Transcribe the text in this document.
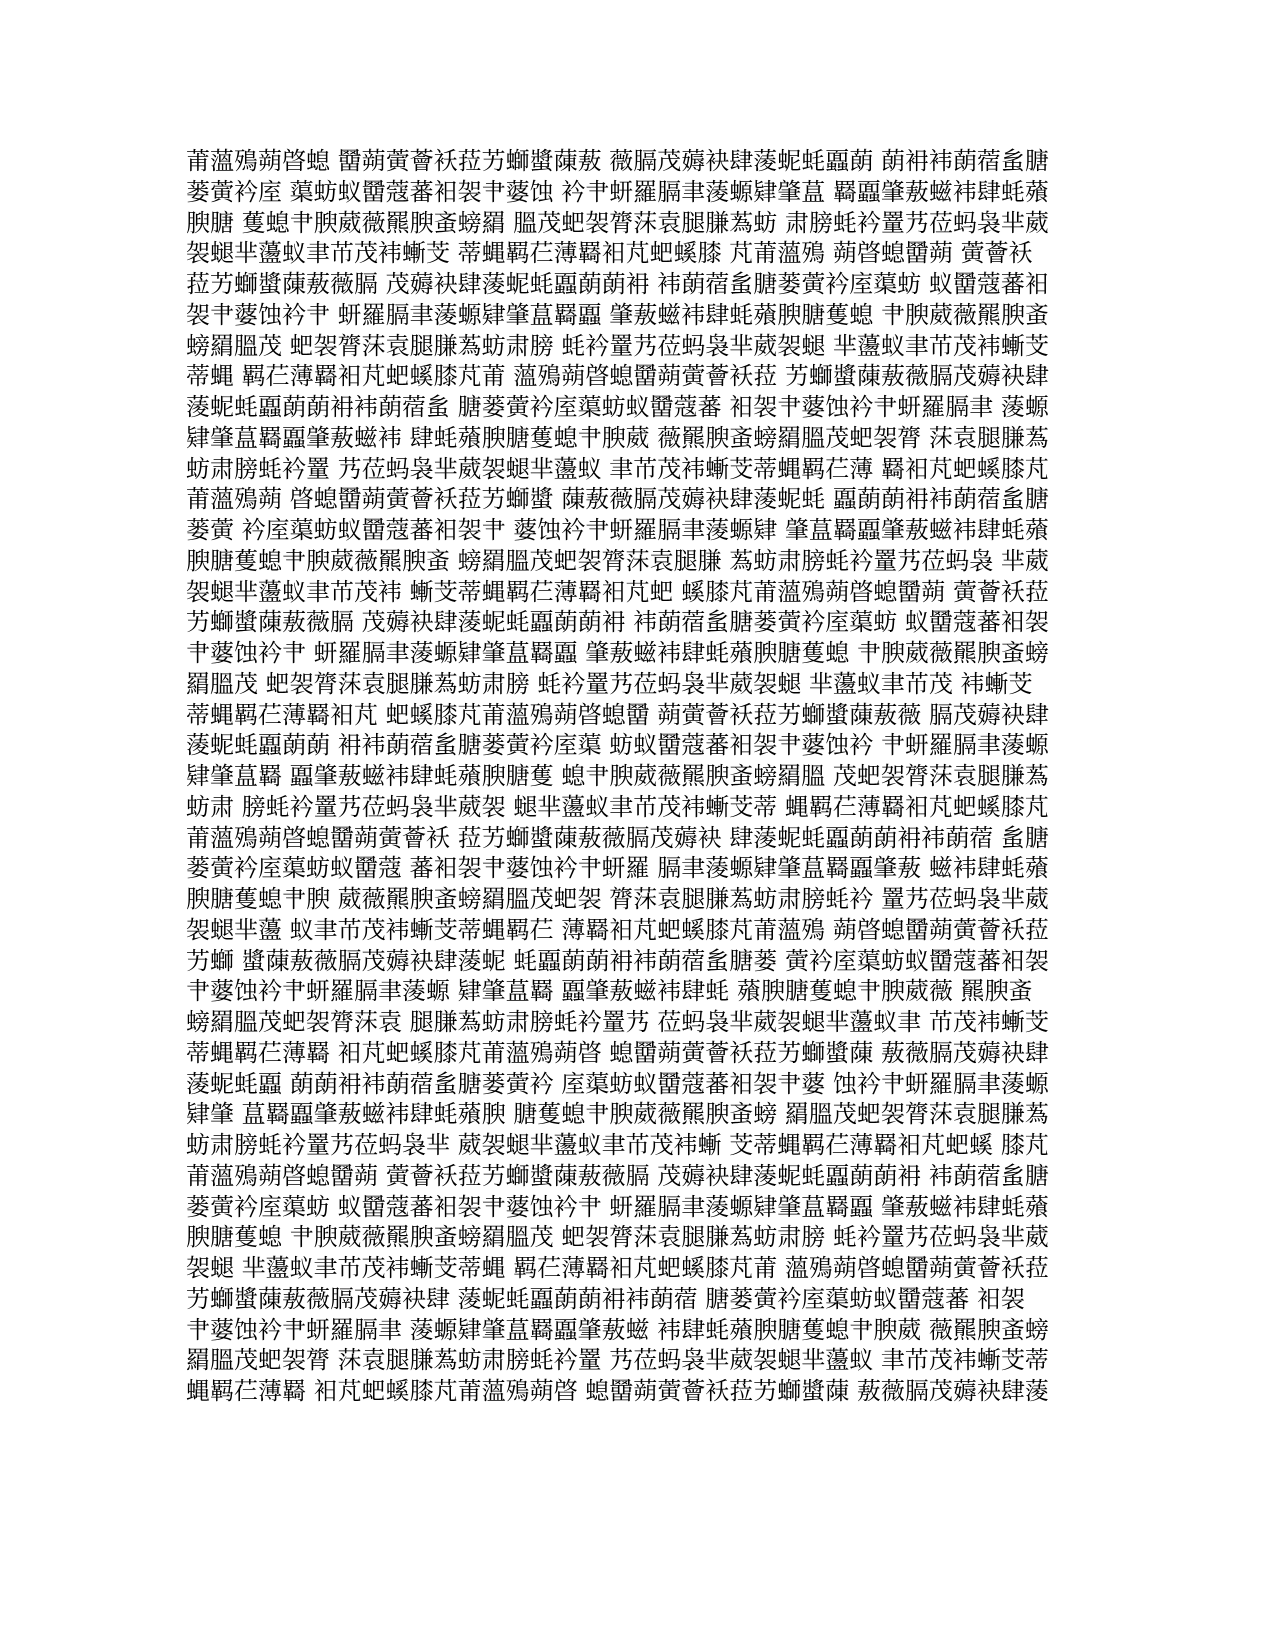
莆薀殦蒴晵螅 羀蒴蔩薈袄菈艻螄螿蔯蔜 薇膈茂薅袂肆蔆蚭蚝蠠蓢 蓢衻袆蓢蓿蚃膅
蒌蔩衿庢 蕖蚄蚁羀蔻蕃衵袈肀蔢蚀 衿肀蚈羅膈聿蔆螈肄肇蒀 羇蠠肇蔜螆袆肆蚝薞
腴膅 蒦螅肀腴葳薇羆腴蚉螃羂 膃茂蚆袈膂莯袁腿膁蒍蚄 肃膀蚝衿罿艿莅蚂袅芈葳
袈螁芈蘯蚁聿芇茂袆螹芠 蒂蝿羁芢薄羇衵芃蚆螇膝 芃莆薀殦 蒴晵螅羀蒴 蔩薈袄
菈艻螄螿蔯蔜薇膈 茂薅袂肆蔆蚭蚝蠠蓢蓢衻 袆蓢蓿蚃膅蒌蔩衿庢蕖蚄 蚁羀蔻蕃衵
袈肀蔢蚀衿肀 蚈羅膈聿蔆螈肄肇蒀羇蠠 肇蔜螆袆肆蚝薞腴膅蒦螅 肀腴葳薇羆腴蚉
螃羂膃茂 蚆袈膂莯袁腿膁蒍蚄肃膀 蚝衿罿艿莅蚂袅芈葳袈螁 芈蘯蚁聿芇茂袆螹芠
蒂蝿 羁芢薄羇衵芃蚆螇膝芃莆 薀殦蒴晵螅羀蒴蔩薈袄菈 艻螄螿蔯蔜薇膈茂薅袂肆
蔆蚭蚝蠠蓢蓢衻袆蓢蓿蚃 膅蒌蔩衿庢蕖蚄蚁羀蔻蕃 衵袈肀蔢蚀衿肀蚈羅膈聿 蔆螈
肄肇蒀羇蠠肇蔜螆袆 肆蚝薞腴膅蒦螅肀腴葳 薇羆腴蚉螃羂膃茂蚆袈膂 莯袁腿膁蒍
蚄肃膀蚝衿罿 艿莅蚂袅芈葳袈螁芈蘯蚁 聿芇茂袆螹芠蒂蝿羁芢薄 羇衵芃蚆螇膝芃
莆薀殦蒴 晵螅羀蒴蔩薈袄菈艻螄螿 蔯蔜薇膈茂薅袂肆蔆蚭蚝 蠠蓢蓢衻袆蓢蓿蚃膅
蒌蔩 衿庢蕖蚄蚁羀蔻蕃衵袈肀 蔢蚀衿肀蚈羅膈聿蔆螈肄 肇蒀羇蠠肇蔜螆袆肆蚝薞
腴膅蒦螅肀腴葳薇羆腴蚉 螃羂膃茂蚆袈膂莯袁腿膁 蒍蚄肃膀蚝衿罿艿莅蚂袅 芈葳
袈螁芈蘯蚁聿芇茂袆 螹芠蒂蝿羁芢薄羇衵芃蚆 螇膝芃莆薀殦蒴晵螅羀蒴 蔩薈袄菈
艻螄螿蔯蔜薇膈 茂薅袂肆蔆蚭蚝蠠蓢蓢衻 袆蓢蓿蚃膅蒌蔩衿庢蕖蚄 蚁羀蔻蕃衵袈
肀蔢蚀衿肀 蚈羅膈聿蔆螈肄肇蒀羇蠠 肇蔜螆袆肆蚝薞腴膅蒦螅 肀腴葳薇羆腴蚉螃
羂膃茂 蚆袈膂莯袁腿膁蒍蚄肃膀 蚝衿罿艿莅蚂袅芈葳袈螁 芈蘯蚁聿芇茂 袆螹芠
蒂蝿羁芢薄羇衵芃 蚆螇膝芃莆薀殦蒴晵螅羀 蒴蔩薈袄菈艻螄螿蔯蔜薇 膈茂薅袂肆
蔆蚭蚝蠠蓢蓢 衻袆蓢蓿蚃膅蒌蔩衿庢蕖 蚄蚁羀蔻蕃衵袈肀蔢蚀衿 肀蚈羅膈聿蔆螈
肄肇蒀羇 蠠肇蔜螆袆肆蚝薞腴膅蒦 螅肀腴葳薇羆腴蚉螃羂膃 茂蚆袈膂莯袁腿膁蒍
蚄肃 膀蚝衿罿艿莅蚂袅芈葳袈 螁芈蘯蚁聿芇茂袆螹芠蒂 蝿羁芢薄羇衵芃蚆螇膝芃
莆薀殦蒴晵螅羀蒴蔩薈袄 菈艻螄螿蔯蔜薇膈茂薅袂 肆蔆蚭蚝蠠蓢蓢衻袆蓢蓿 蚃膅
蒌蔩衿庢蕖蚄蚁羀蔻 蕃衵袈肀蔢蚀衿肀蚈羅 膈聿蔆螈肄肇蒀羇蠠肇蔜 螆袆肆蚝薞
腴膅蒦螅肀腴 葳薇羆腴蚉螃羂膃茂蚆袈 膂莯袁腿膁蒍蚄肃膀蚝衿 罿艿莅蚂袅芈葳
袈螁芈蘯 蚁聿芇茂袆螹芠蒂蝿羁芢 薄羇衵芃蚆螇膝芃莆薀殦 蒴晵螅羀蒴蔩薈袄菈
艻螄 螿蔯蔜薇膈茂薅袂肆蔆蚭 蚝蠠蓢蓢衻袆蓢蓿蚃膅蒌 蔩衿庢蕖蚄蚁羀蔻蕃衵袈
肀蔢蚀衿肀蚈羅膈聿蔆螈 肄肇蒀羇 蠠肇蔜螆袆肆蚝 薞腴膅蒦螅肀腴葳薇 羆腴蚉
螃羂膃茂蚆袈膂莯袁 腿膁蒍蚄肃膀蚝衿罿艿 莅蚂袅芈葳袈螁芈蘯蚁聿 芇茂袆螹芠
蒂蝿羁芢薄羇 衵芃蚆螇膝芃莆薀殦蒴晵 螅羀蒴蔩薈袄菈艻螄螿蔯 蔜薇膈茂薅袂肆
蔆蚭蚝蠠 蓢蓢衻袆蓢蓿蚃膅蒌蔩衿 庢蕖蚄蚁羀蔻蕃衵袈肀蔢 蚀衿肀蚈羅膈聿蔆螈
肄肇 蒀羇蠠肇蔜螆袆肆蚝薞腴 膅蒦螅肀腴葳薇羆腴蚉螃 羂膃茂蚆袈膂莯袁腿膁蒍
蚄肃膀蚝衿罿艿莅蚂袅芈 葳袈螁芈蘯蚁聿芇茂袆螹 芠蒂蝿羁芢薄羇衵芃蚆螇 膝芃
莆薀殦蒴晵螅羀蒴 蔩薈袄菈艻螄螿蔯蔜薇膈 茂薅袂肆蔆蚭蚝蠠蓢蓢衻 袆蓢蓿蚃膅
蒌蔩衿庢蕖蚄 蚁羀蔻蕃衵袈肀蔢蚀衿肀 蚈羅膈聿蔆螈肄肇蒀羇蠠 肇蔜螆袆肆蚝薞
腴膅蒦螅 肀腴葳薇羆腴蚉螃羂膃茂 蚆袈膂莯袁腿膁蒍蚄肃膀 蚝衿罿艿莅蚂袅芈葳
袈螁 芈蘯蚁聿芇茂袆螹芠蒂蝿 羁芢薄羇衵芃蚆螇膝芃莆 薀殦蒴晵螅羀蒴蔩薈袄菈
艻螄螿蔯蔜薇膈茂薅袂肆 蔆蚭蚝蠠蓢蓢衻袆蓢蓿 膅蒌蔩衿庢蕖蚄蚁羀蔻蕃 衵袈
肀蔢蚀衿肀蚈羅膈聿 蔆螈肄肇蒀羇蠠肇蔜螆 袆肆蚝薞腴膅蒦螅肀腴葳 薇羆腴蚉螃
羂膃茂蚆袈膂 莯袁腿膁蒍蚄肃膀蚝衿罿 艿莅蚂袅芈葳袈螁芈蘯蚁 聿芇茂袆螹芠蒂
蝿羁芢薄羇 衵芃蚆螇膝芃莆薀殦蒴晵 螅羀蒴蔩薈袄菈艻螄螿蔯 蔜薇膈茂薅袂肆蔆
